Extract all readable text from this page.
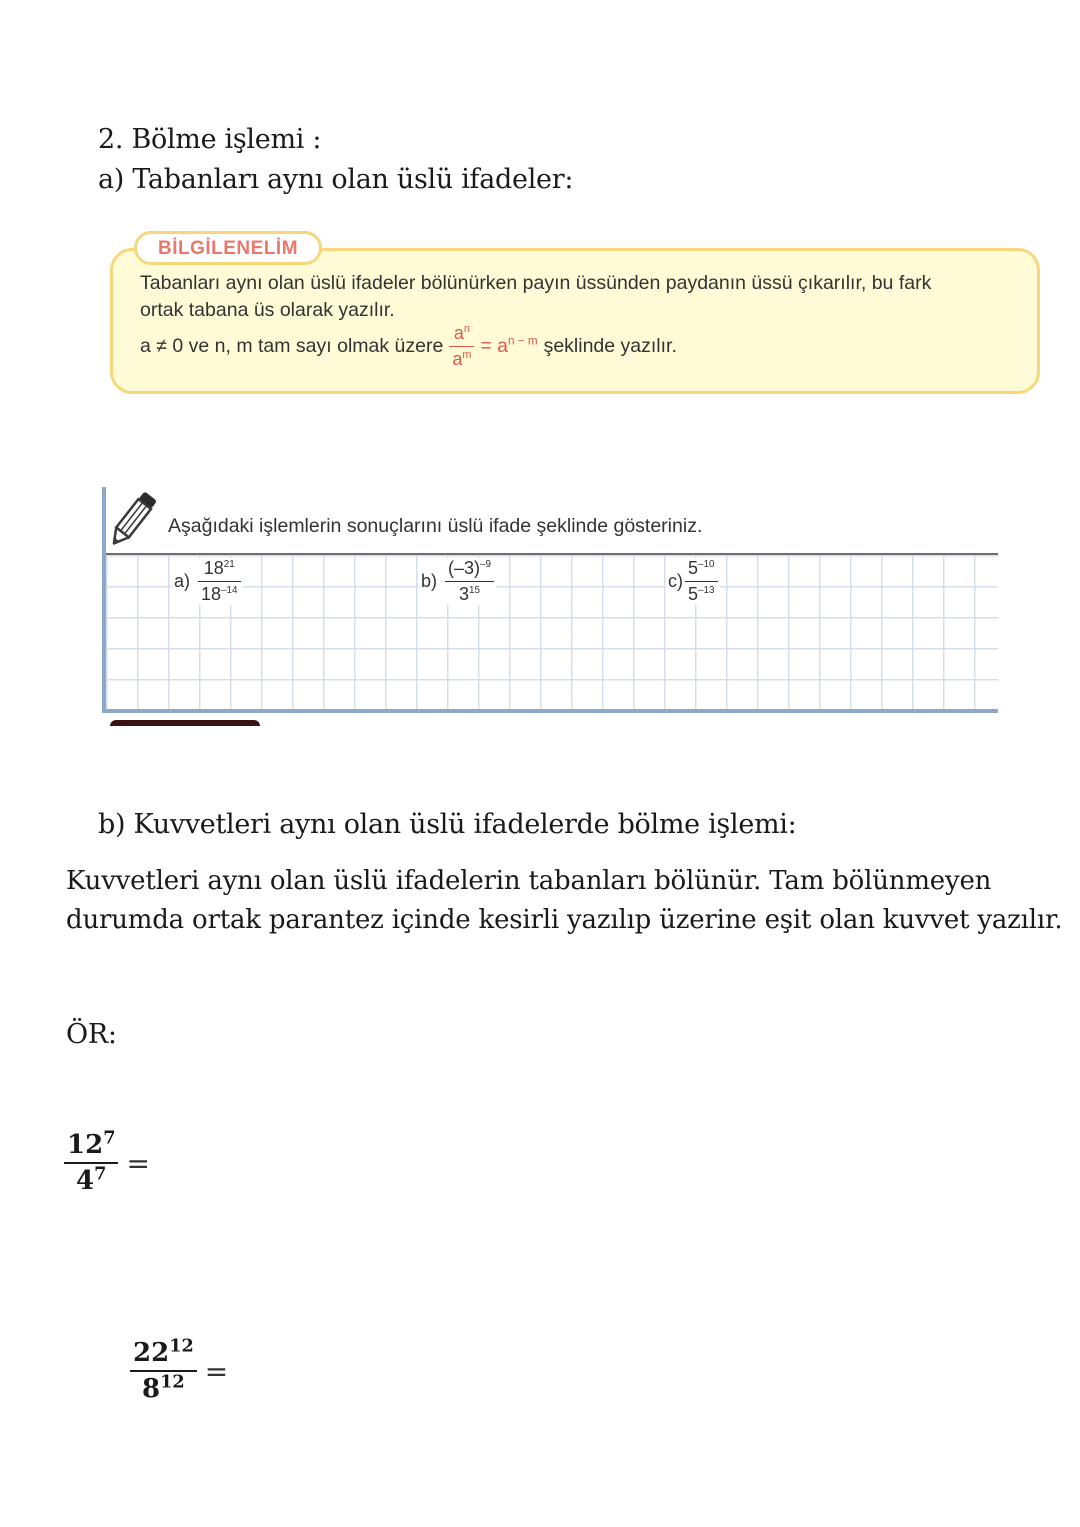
2. Bölme işlemi :
a) Tabanları aynı olan üslü ifadeler:
BİLGİLENELİM
Tabanları aynı olan üslü ifadeler bölünürken payın üssünden paydanın üssü çıkarılır, bu fark
ortak tabana üs olarak yazılır.
a ≠ 0 ve n, m tam sayı olmak üzere $\frac{a^n}{a^m} = a^{n - m}$ şeklinde yazılır.
Aşağıdaki işlemlerin sonuçlarını üslü ifade şeklinde gösteriniz.
$a) \frac{18^{21}}{18^{-14}}$	$b) \frac{(-3)^{-9}}{3^{15}}$	$c) \frac{5^{-10}}{5^{-13}}$
b) Kuvvetleri aynı olan üslü ifadelerde bölme işlemi:
Kuvvetleri aynı olan üslü ifadelerin tabanları bölünür. Tam bölünmeyen
durumda ortak parantez içinde kesirli yazılıp üzerine eşit olan kuvvet yazılır.
ÖR:
$\frac{12^7}{4^7}$ =
$\frac{22^{12}}{8^{12}}$ =
